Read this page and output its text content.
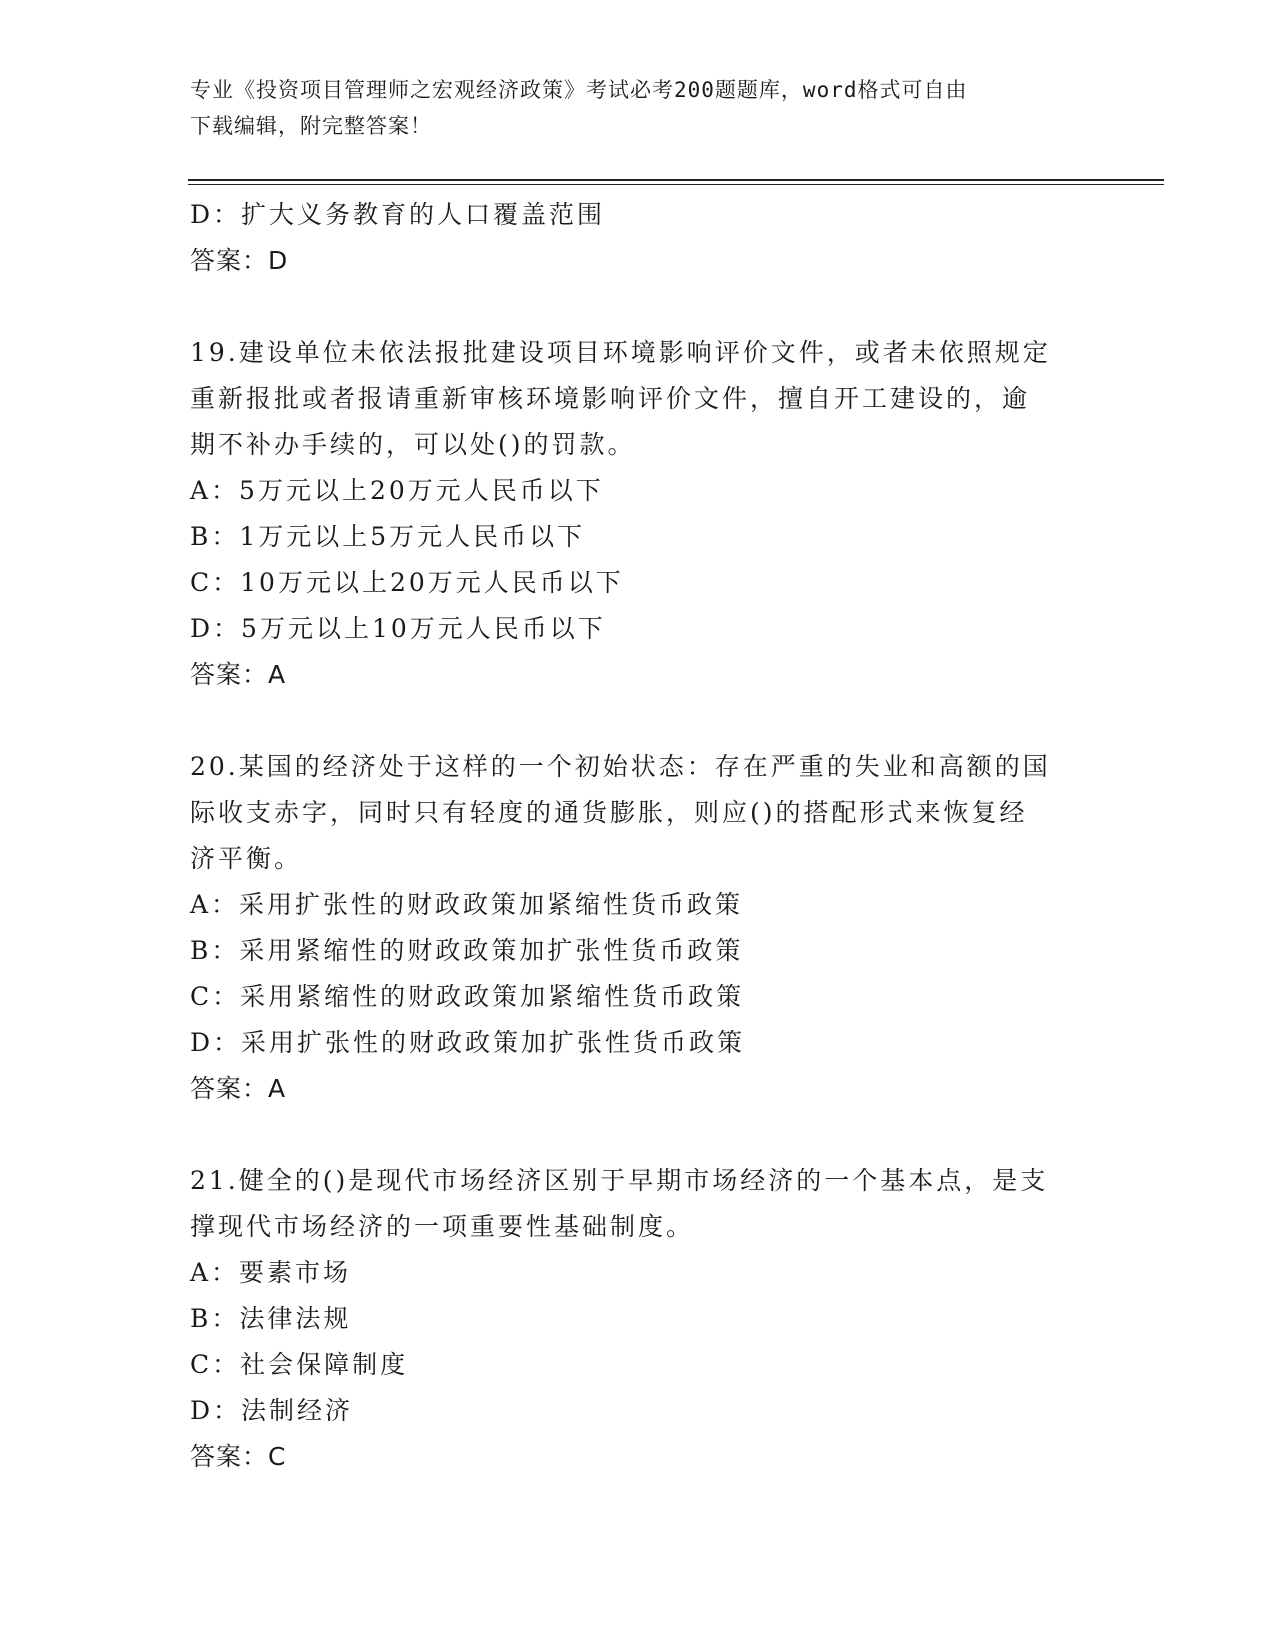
专业《投资项目管理师之宏观经济政策》考试必考200题题库，word格式可自由
下载编辑，附完整答案！
D：扩大义务教育的人口覆盖范围
答案：D
19.建设单位未依法报批建设项目环境影响评价文件，或者未依照规定
重新报批或者报请重新审核环境影响评价文件，擅自开工建设的，逾
期不补办手续的，可以处()的罚款。
A：5万元以上20万元人民币以下
B：1万元以上5万元人民币以下
C：10万元以上20万元人民币以下
D：5万元以上10万元人民币以下
答案：A
20.某国的经济处于这样的一个初始状态：存在严重的失业和高额的国
际收支赤字，同时只有轻度的通货膨胀，则应()的搭配形式来恢复经
济平衡。
A：采用扩张性的财政政策加紧缩性货币政策
B：采用紧缩性的财政政策加扩张性货币政策
C：采用紧缩性的财政政策加紧缩性货币政策
D：采用扩张性的财政政策加扩张性货币政策
答案：A
21.健全的()是现代市场经济区别于早期市场经济的一个基本点，是支
撑现代市场经济的一项重要性基础制度。
A：要素市场
B：法律法规
C：社会保障制度
D：法制经济
答案：C
